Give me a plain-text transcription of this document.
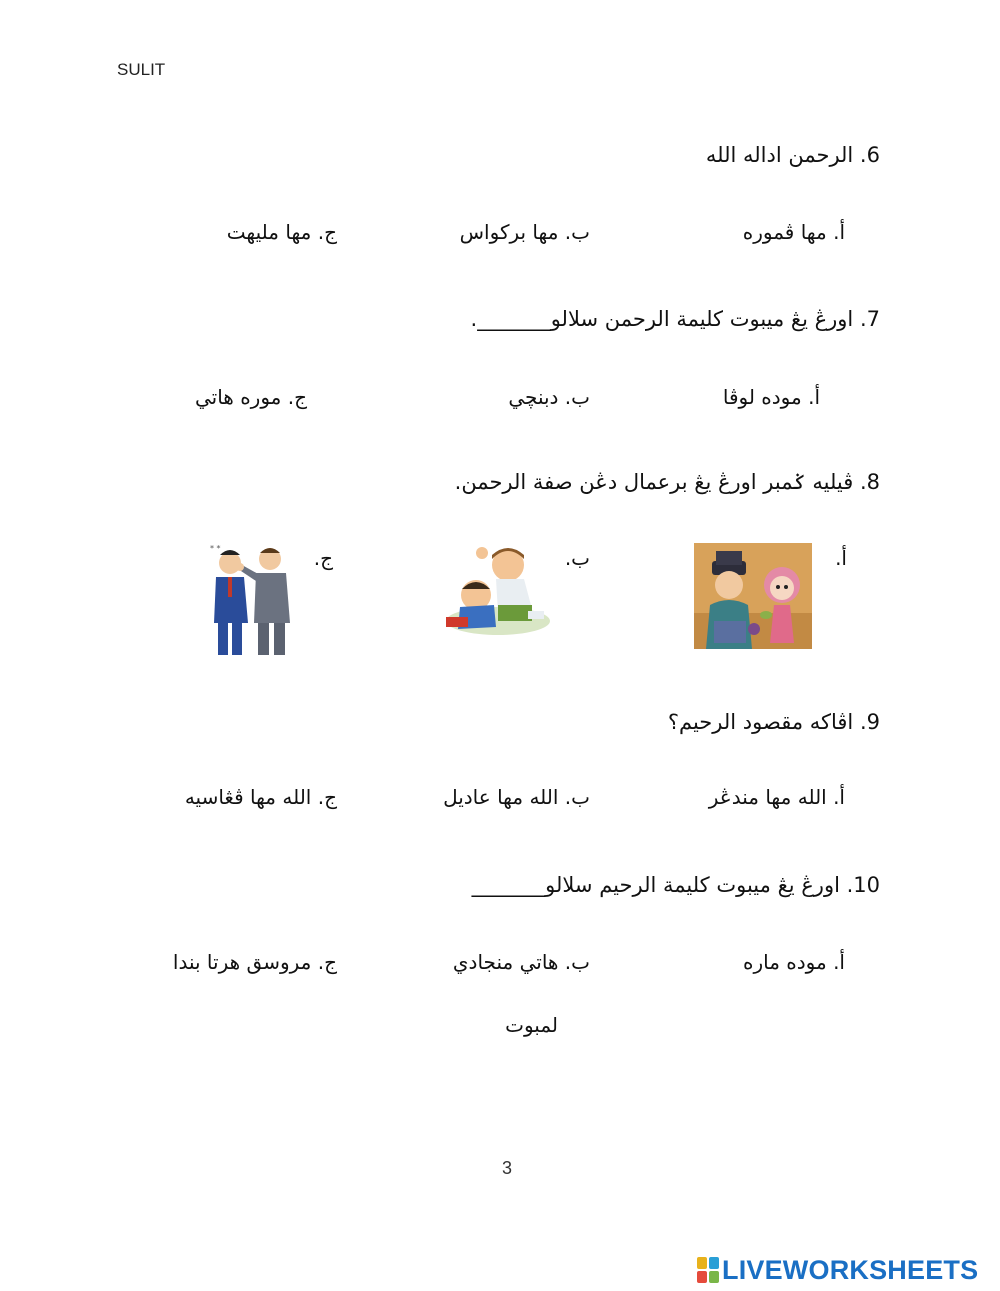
SULIT
6. الرحمن اداله الله
أ. مها ڤموره
ب. مها بركواس
ج. مها مليهت
7. اورڠ يڠ ميبوت كليمة الرحمن سلالو_______.
أ. موده لوڤا
ب. دبنچي
ج. موره هاتي
8. ڤيليه ݢمبر اورڠ يڠ برعمال دڠن صفة الرحمن.
أ.
ب.
ج.
* *
9. اڤاكه مقصود الرحيم؟
أ. الله مها مندڠر
ب. الله مها عاديل
ج. الله مها ڤڠاسيه
10. اورڠ يڠ ميبوت كليمة الرحيم سلالو_______
أ. موده ماره
ب. هاتي منجادي
لمبوت
ج. مروسق هرتا بندا
3
LIVEWORKSHEETS
